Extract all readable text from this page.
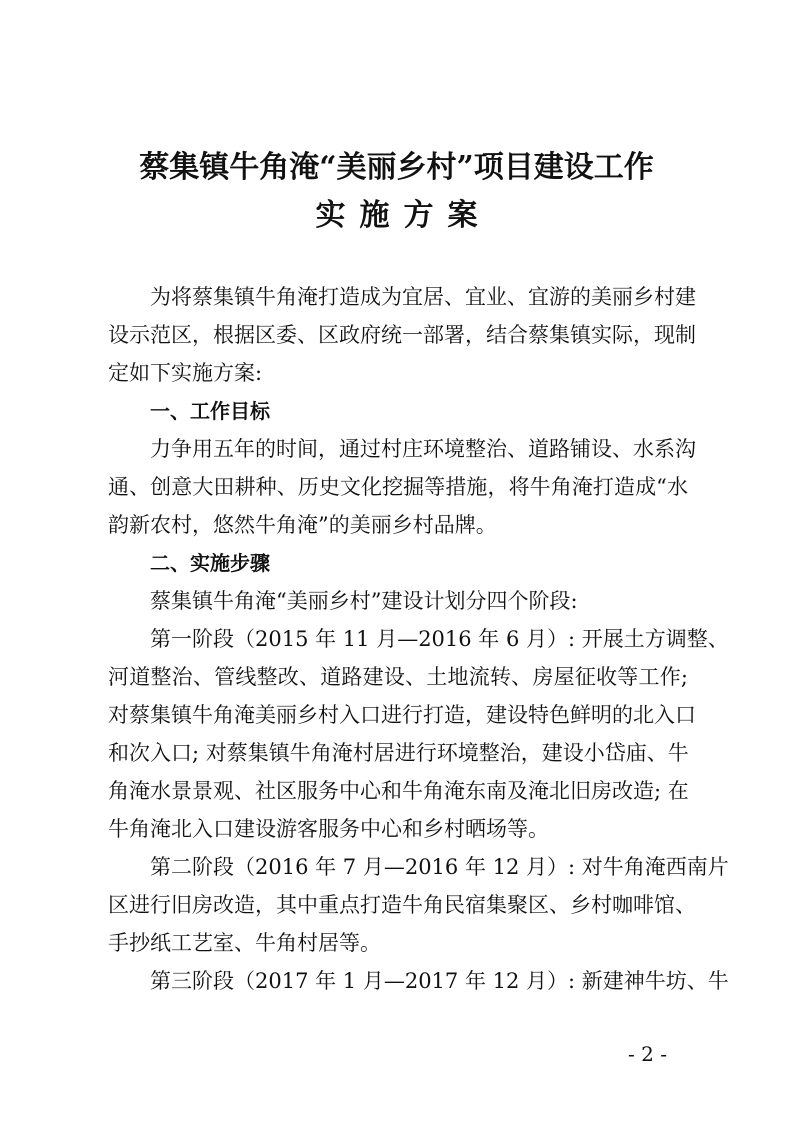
蔡集镇牛角淹“美丽乡村”项目建设工作
实施方案
为将蔡集镇牛角淹打造成为宜居、宜业、宜游的美丽乡村建
设示范区，根据区委、区政府统一部署，结合蔡集镇实际，现制
定如下实施方案:
一、工作目标
力争用五年的时间，通过村庄环境整治、道路铺设、水系沟
通、创意大田耕种、历史文化挖掘等措施，将牛角淹打造成“水
韵新农村，悠然牛角淹”的美丽乡村品牌。
二、实施步骤
蔡集镇牛角淹“美丽乡村”建设计划分四个阶段:
第一阶段（2015 年 11 月—2016 年 6 月）: 开展土方调整、
河道整治、管线整改、道路建设、土地流转、房屋征收等工作;
对蔡集镇牛角淹美丽乡村入口进行打造，建设特色鲜明的北入口
和次入口; 对蔡集镇牛角淹村居进行环境整治，建设小岱庙、牛
角淹水景景观、社区服务中心和牛角淹东南及淹北旧房改造; 在
牛角淹北入口建设游客服务中心和乡村晒场等。
第二阶段（2016 年 7 月—2016 年 12 月）: 对牛角淹西南片
区进行旧房改造，其中重点打造牛角民宿集聚区、乡村咖啡馆、
手抄纸工艺室、牛角村居等。
第三阶段（2017 年 1 月—2017 年 12 月）: 新建神牛坊、牛
- 2 -
